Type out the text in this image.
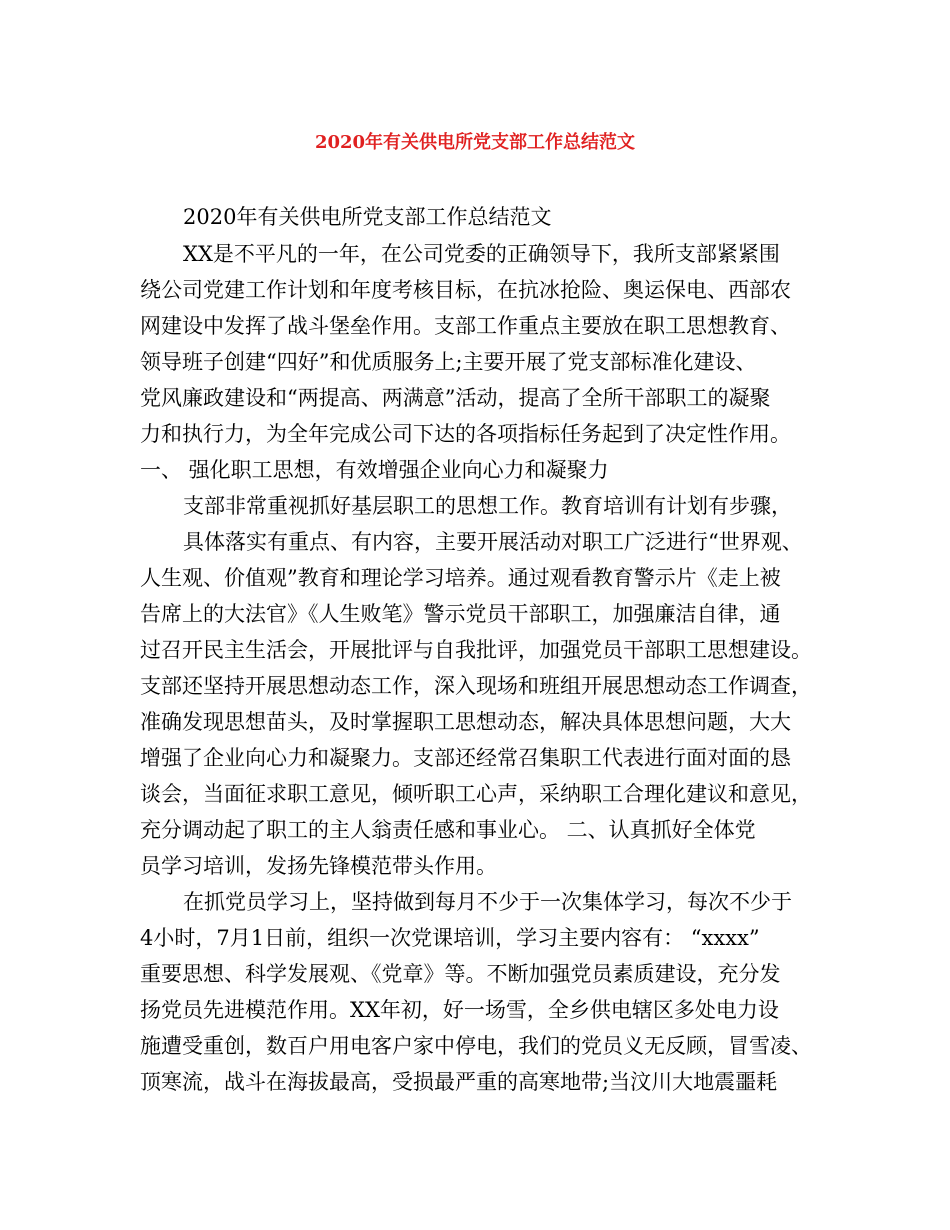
2020年有关供电所党支部工作总结范文
2020年有关供电所党支部工作总结范文
XX是不平凡的一年，在公司党委的正确领导下，我所支部紧紧围
绕公司党建工作计划和年度考核目标，在抗冰抢险、奥运保电、西部农
网建设中发挥了战斗堡垒作用。支部工作重点主要放在职工思想教育、
领导班子创建“四好”和优质服务上;主要开展了党支部标准化建设、
党风廉政建设和“两提高、两满意”活动，提高了全所干部职工的凝聚
力和执行力，为全年完成公司下达的各项指标任务起到了决定性作用。
一、 强化职工思想，有效增强企业向心力和凝聚力
支部非常重视抓好基层职工的思想工作。教育培训有计划有步骤，
具体落实有重点、有内容，主要开展活动对职工广泛进行“世界观、
人生观、价值观”教育和理论学习培养。通过观看教育警示片《走上被
告席上的大法官》《人生败笔》警示党员干部职工，加强廉洁自律，通
过召开民主生活会，开展批评与自我批评，加强党员干部职工思想建设。
支部还坚持开展思想动态工作，深入现场和班组开展思想动态工作调查，
准确发现思想苗头，及时掌握职工思想动态，解决具体思想问题，大大
增强了企业向心力和凝聚力。支部还经常召集职工代表进行面对面的恳
谈会，当面征求职工意见，倾听职工心声，采纳职工合理化建议和意见，
充分调动起了职工的主人翁责任感和事业心。 二、认真抓好全体党
员学习培训，发扬先锋模范带头作用。
在抓党员学习上，坚持做到每月不少于一次集体学习，每次不少于
4小时，7月1日前，组织一次党课培训，学习主要内容有： “xxxx”
重要思想、科学发展观、《党章》等。不断加强党员素质建设，充分发
扬党员先进模范作用。XX年初，好一场雪，全乡供电辖区多处电力设
施遭受重创，数百户用电客户家中停电，我们的党员义无反顾，冒雪凌、
顶寒流，战斗在海拔最高，受损最严重的高寒地带;当汶川大地震噩耗
